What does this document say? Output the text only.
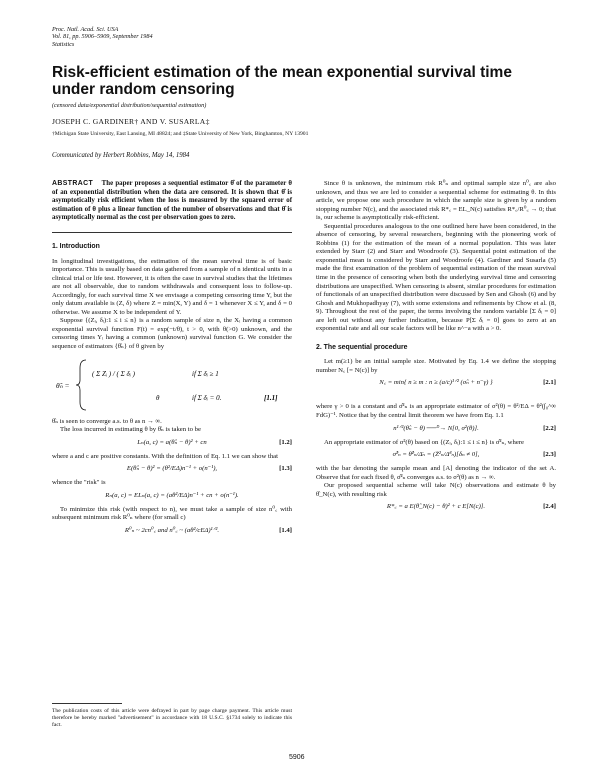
Proc. Natl. Acad. Sci. USA
Vol. 81, pp. 5906–5909, September 1984
Statistics
Risk-efficient estimation of the mean exponential survival time under random censoring
(censored data/exponential distribution/sequential estimation)
JOSEPH C. GARDINER† AND V. SUSARLA‡
†Michigan State University, East Lansing, MI 48824; and ‡State University of New York, Binghamton, NY 13901
Communicated by Herbert Robbins, May 14, 1984
ABSTRACT The paper proposes a sequential estimator θ̂ of the parameter θ of an exponential distribution when the data are censored. It is shown that θ̂ is asymptotically risk efficient when the loss is measured by the squared error of estimation of θ plus a linear function of the number of observations and that θ̂ is asymptotically normal as the cost per observation goes to zero.
1. Introduction

In longitudinal investigations, the estimation of the mean survival time is of basic importance. This is usually based on data gathered from a sample of n identical units in a clinical trial or life test. However, it is often the case in survival studies that the lifetimes are not all observable, due to random withdrawals and consequent loss to follow-up. Accordingly, for each survival time X we envisage a competing censoring time Y, but the only datum available is (Z, δ) where Z = min(X, Y) and δ = 1 whenever X ≤ Y, and δ = 0 otherwise. We assume X to be independent of Y.

Suppose {(Zᵢ, δᵢ):1 ≤ i ≤ n} is a random sample of size n, the Xᵢ having a common exponential survival function F(t) = exp(−t/θ), t > 0, with θ(>0) unknown, and the censoring times Yᵢ having a common (unknown) survival function G. We consider the sequence of estimators {θ̂ₙ} of θ given by

θ̂ₙ =
( Σ Zᵢ ) / ( Σ δᵢ )	if Σ δᵢ ≥ 1
θ	if Σ δᵢ = 0.	[1.1]

θ̂ₙ is seen to converge a.s. to θ as n → ∞.

The loss incurred in estimating θ by θ̂ₙ is taken to be

Lₙ(a, c) = a(θ̂ₙ − θ)² + cn	[1.2]

where a and c are positive constants. With the definition of Eq. 1.1 we can show that

E(θ̂ₙ − θ)² = (θ²/EΔ)n⁻¹ + o(n⁻¹),	[1.3]

whence the "risk" is

Rₙ(a, c) = ELₙ(a, c) = (aθ²/EΔ)n⁻¹ + cn + o(n⁻¹).

To minimize this risk (with respect to n), we must take a sample of size n⁰꜀ with subsequent minimum risk R⁰ₙ where (for small c)

R⁰ₙ ~ 2cn⁰꜀ and n⁰꜀ ~ (aθ²/cEΔ)¹ᐟ².	[1.4]

Since θ is unknown, the minimum risk R⁰ₙ and optimal sample size n⁰꜀ are also unknown, and thus we are led to consider a sequential scheme for estimating θ. In this article, we propose one such procedure in which the sample size is given by a random stopping number N(c), and the associated risk R*꜀ = EL_N(c) satisfies R*꜀/R⁰꜀ → 0; that is, our scheme is asymptotically risk-efficient.

Sequential procedures analogous to the one outlined here have been considered, in the absence of censoring, by several researchers, beginning with the pioneering work of Robbins (1) for the estimation of the mean of a normal population. This was later extended by Starr (2) and Starr and Woodroofe (3). Sequential point estimation of the exponential mean is considered by Starr and Woodroofe (4). Gardiner and Susarla (5) made the first examination of the problem of sequential estimation of the mean survival time in the presence of censoring when both the underlying survival time and censoring distributions are unspecified. When censoring is absent, similar procedures for estimation of functionals of an unspecified distribution were discussed by Sen and Ghosh (6) and by Ghosh and Mukhopadhyay (7), with some extensions and refinements by Chow et al. (8, 9). Throughout the rest of the paper, the terms involving the random variable [Σ δᵢ = 0] are left out without any further indication, because P[Σ δᵢ = 0] goes to zero at an exponential rate and all our scale factors will be like n^−a with a > 0.

2. The sequential procedure

Let m(≥1) be an initial sample size. Motivated by Eq. 1.4 we define the stopping number N꜀ [= N(c)] by

N꜀ = min{ n ≥ m : n ≥ (a/c)¹ᐟ² (σ̂ₙ + n⁻γ) }	[2.1]

where γ > 0 is a constant and σ̂²ₙ is an appropriate estimator of σ²(θ) = θ²/EΔ = θ²(∫₀^∞ FdG)⁻¹. Notice that by the central limit theorem we have from Eq. 1.1

n¹ᐟ²(θ̂ₙ − θ) ──ᴰ→ N[0, σ²(θ)].	[2.2]

An appropriate estimator of σ²(θ) based on {(Zᵢ, δᵢ):1 ≤ i ≤ n} is σ̂²ₙ, where

σ̂²ₙ = θ̂²ₙ/Δ̄ₙ = (Z̄²ₙ/Δ̄³ₙ)[δₙ ≠ 0],	[2.3]

with the bar denoting the sample mean and [A] denoting the indicator of the set A. Observe that for each fixed θ, σ̂²ₙ converges a.s. to σ²(θ) as n → ∞.

Our proposed sequential scheme will take N(c) observations and estimate θ by θ̂_N(c), with resulting risk

R*꜀ = a E(θ̂_N(c) − θ)² + c E[N(c)].	[2.4]
The publication costs of this article were defrayed in part by page charge payment. This article must therefore be hereby marked "advertisement" in accordance with 18 U.S.C. §1734 solely to indicate this fact.
5906
